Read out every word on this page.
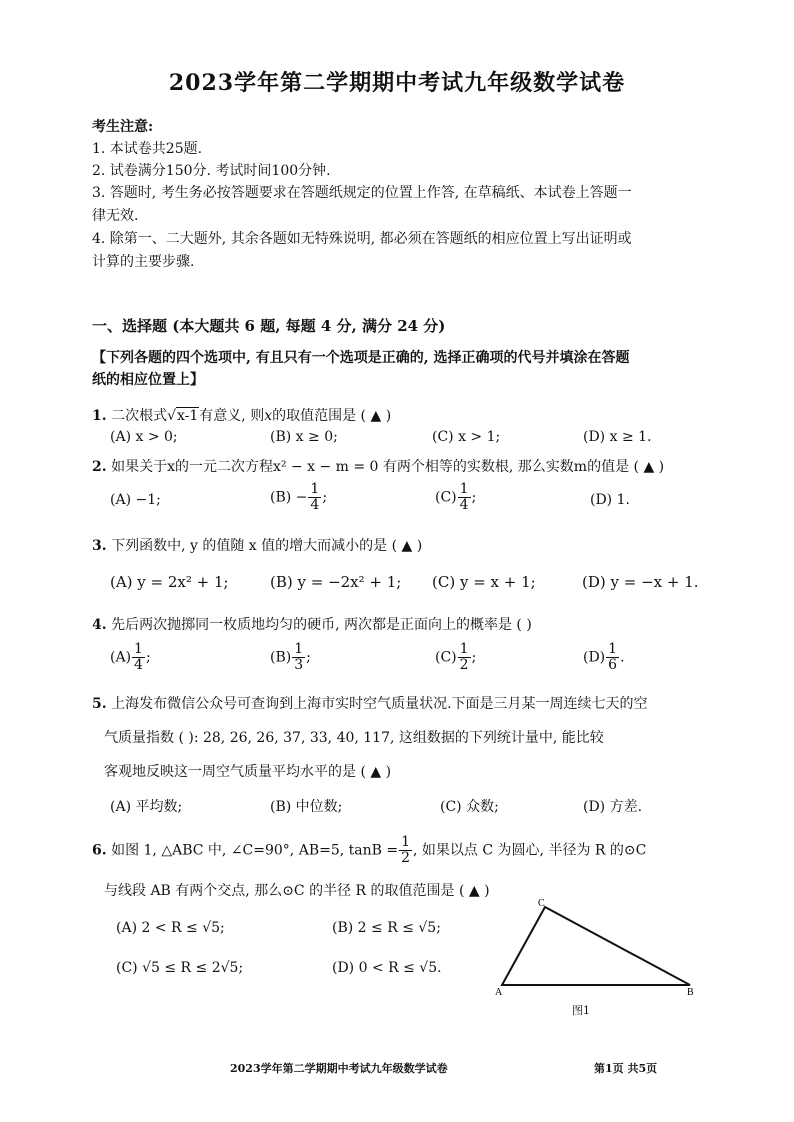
2023学年第二学期期中考试九年级数学试卷
考生注意:
1. 本试卷共25题.
2. 试卷满分150分. 考试时间100分钟.
3. 答题时, 考生务必按答题要求在答题纸规定的位置上作答, 在草稿纸、本试卷上答题一
律无效.
4. 除第一、二大题外, 其余各题如无特殊说明, 都必须在答题纸的相应位置上写出证明或
计算的主要步骤.
一、选择题 (本大题共 6 题, 每题 4 分, 满分 24 分)
【下列各题的四个选项中, 有且只有一个选项是正确的, 选择正确项的代号并填涂在答题
纸的相应位置上】
1. 二次根式√x-1有意义, 则x的取值范围是 ( ▲ )
(A) x > 0;	(B) x ≥ 0;	(C) x > 1;	(D) x ≥ 1.
2. 如果关于x的一元二次方程x² − x − m = 0 有两个相等的实数根, 那么实数m的值是 ( ▲ )
(A) −1;	$(B) - \frac{1}{4}$ ;	$(C) \frac{1}{4}$ ;	(D) 1.
3. 下列函数中, y 的值随 x 值的增大而减小的是 ( ▲ )
(A) y = 2x² + 1;	(B) y = −2x² + 1; (C) y = x + 1;	(D) y = −x + 1.
4. 先后两次抛掷同一枚质地均匀的硬币, 两次都是正面向上的概率是 ( )
$(A) \frac{1}{4}$ ;	$(B) \frac{1}{3}$ ;	$(C) \frac{1}{2}$ ;	$(D) \frac{1}{6}$ .
5. 上海发布微信公众号可查询到上海市实时空气质量状况.下面是三月某一周连续七天的空
气质量指数 ( ): 28, 26, 26, 37, 33, 40, 117, 这组数据的下列统计量中, 能比较
客观地反映这一周空气质量平均水平的是 ( ▲ )
(A) 平均数;	(B) 中位数;	(C) 众数;	(D) 方差.
6. 如图 1, △ABC 中, ∠C=90°, AB=5, $\tan B = \frac{1}{2}$ , 如果以点 C 为圆心, 半径为 R 的⊙C
与线段 AB 有两个交点, 那么⊙C 的半径 R 的取值范围是 ( ▲ )
(A) 2 < R ≤ √5;	(B) 2 ≤ R ≤ √5;
(C) √5 ≤ R ≤ 2√5;	(D) 0 < R ≤ √5.
C
A	B
图1
2023学年第二学期期中考试九年级数学试卷	第1页 共5页
